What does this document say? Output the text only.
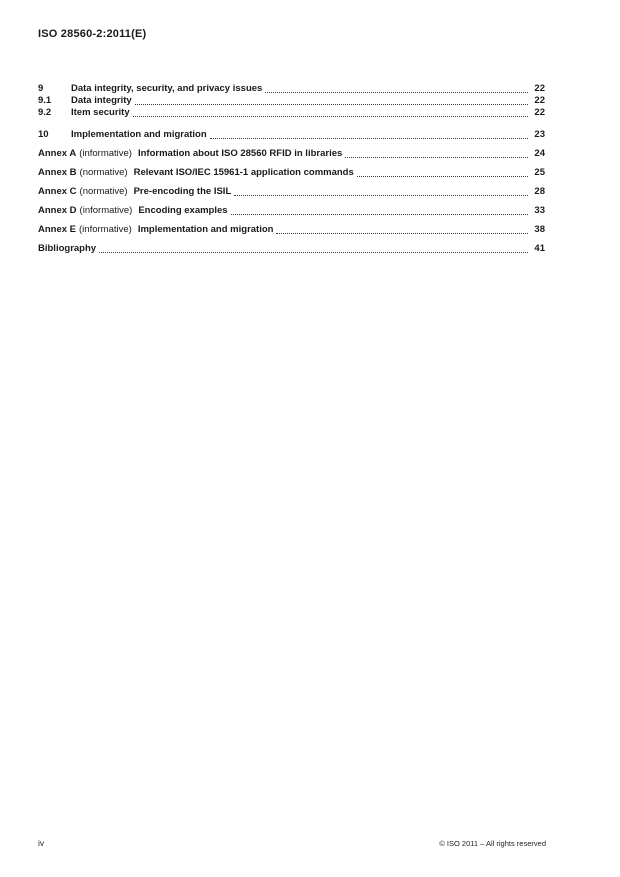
ISO 28560-2:2011(E)
9	Data integrity, security, and privacy issues	22
9.1	Data integrity	22
9.2	Item security	22
10	Implementation and migration	23
Annex A (informative) Information about ISO 28560 RFID in libraries	24
Annex B (normative) Relevant ISO/IEC 15961-1 application commands	25
Annex C (normative) Pre-encoding the ISIL	28
Annex D (informative) Encoding examples	33
Annex E (informative) Implementation and migration	38
Bibliography	41
iv	© ISO 2011 – All rights reserved
